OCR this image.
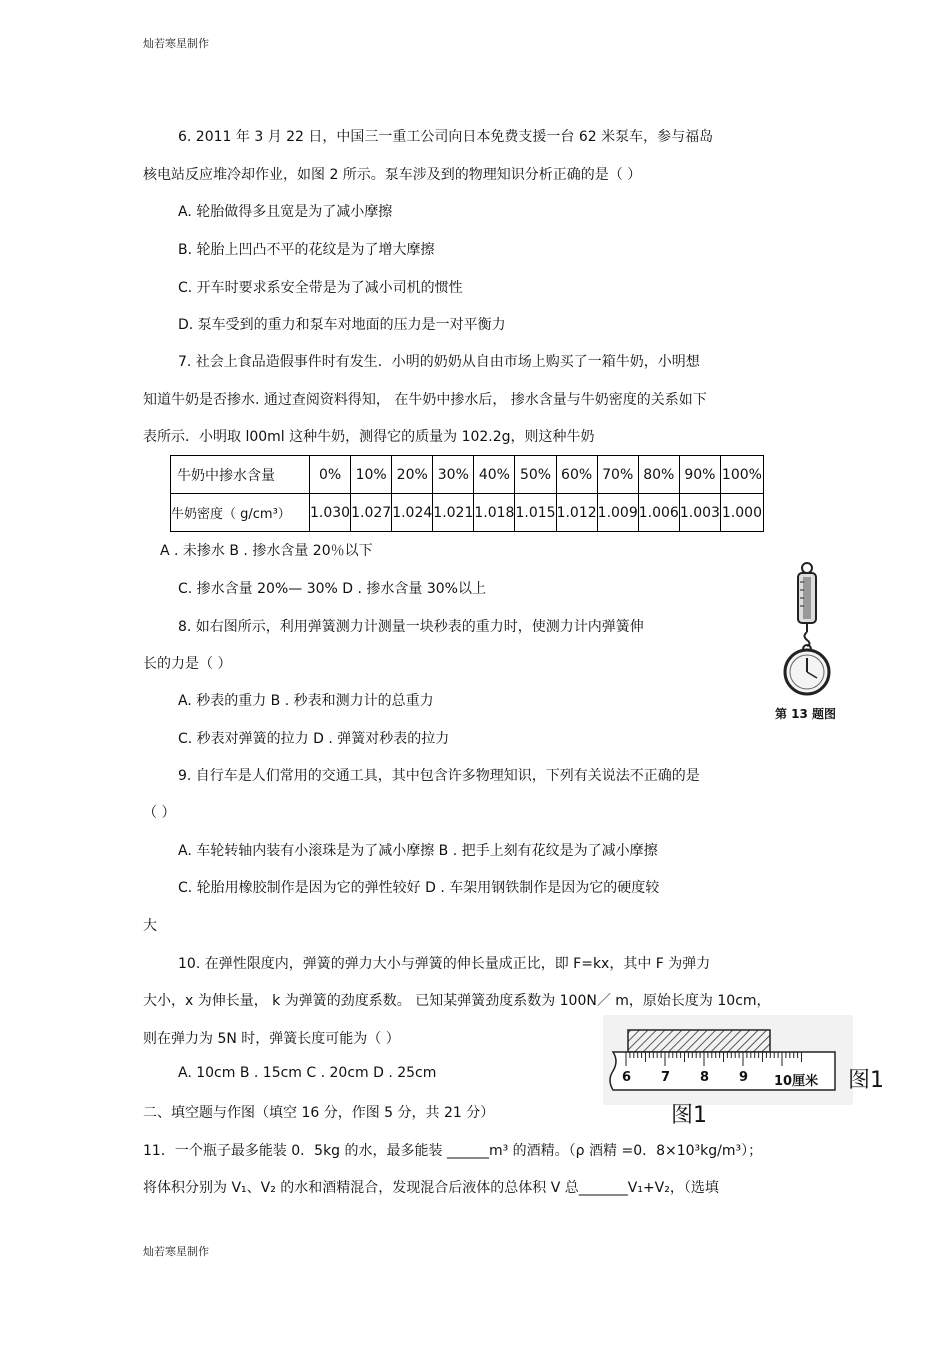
灿若寒星制作
6. 2011 年 3 月 22 日，中国三一重工公司向日本免费支援一台 62 米泵车，参与福岛
核电站反应堆冷却作业，如图 2 所示。泵车涉及到的物理知识分析正确的是（ ）
A. 轮胎做得多且宽是为了减小摩擦
B. 轮胎上凹凸不平的花纹是为了增大摩擦
C. 开车时要求系安全带是为了减小司机的惯性
D. 泵车受到的重力和泵车对地面的压力是一对平衡力
7. 社会上食品造假事件时有发生．小明的奶奶从自由市场上购买了一箱牛奶，小明想
知道牛奶是否掺水. 通过查阅资料得知， 在牛奶中掺水后， 掺水含量与牛奶密度的关系如下
表所示．小明取 l00ml 这种牛奶，测得它的质量为 102.2g，则这种牛奶
牛奶中掺水含量	0%	10%	20%	30%	40%	50%	60%	70%	80%	90%	100%
牛奶密度（ g/cm³）	1.030	1.027	1.024	1.021	1.018	1.015	1.012	1.009	1.006	1.003	1.000
A . 未掺水 B . 掺水含量 20％以下
C. 掺水含量 20%— 30% D . 掺水含量 30%以上
8. 如右图所示，利用弹簧测力计测量一块秒表的重力时，使测力计内弹簧伸
长的力是（ ）
A. 秒表的重力 B . 秒表和测力计的总重力
C. 秒表对弹簧的拉力 D . 弹簧对秒表的拉力
第 13 题图
9. 自行车是人们常用的交通工具，其中包含许多物理知识，下列有关说法不正确的是
（ ）
A. 车轮转轴内装有小滚珠是为了减小摩擦 B . 把手上刻有花纹是为了减小摩擦
C. 轮胎用橡胶制作是因为它的弹性较好 D . 车架用钢铁制作是因为它的硬度较
大
10. 在弹性限度内，弹簧的弹力大小与弹簧的伸长量成正比，即 F=kx，其中 F 为弹力
大小，x 为伸长量， k 为弹簧的劲度系数。 已知某弹簧劲度系数为 100N／ m，原始长度为 10cm，
则在弹力为 5N 时，弹簧长度可能为（ ）
A. 10cm B . 15cm C . 20cm D . 25cm	6 7 8 9 10厘米 图1
图1
二、填空题与作图（填空 16 分，作图 5 分，共 21 分）
11．一个瓶子最多能装 0．5kg 的水，最多能装 ______m³ 的酒精。（ρ 酒精 =0．8×10³kg/m³）；
将体积分别为 V₁、V₂ 的水和酒精混合，发现混合后液体的总体积 V 总_______V₁+V₂，（选填
灿若寒星制作
